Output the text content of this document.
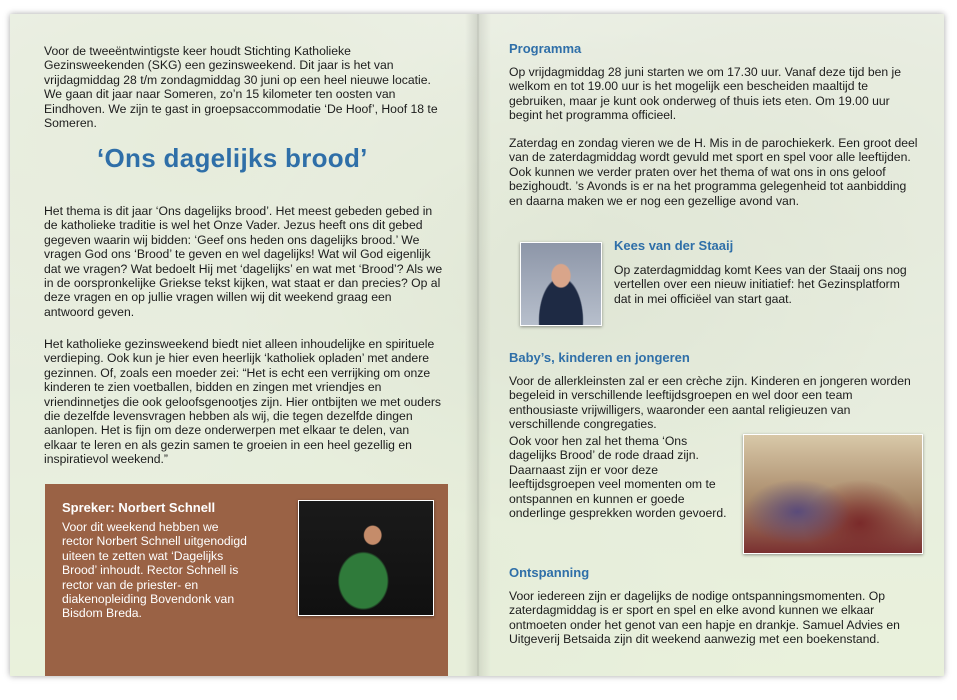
Voor de tweeëntwintigste keer houdt Stichting Katholieke Gezinsweekenden (SKG) een gezinsweekend. Dit jaar is het van vrijdagmiddag 28 t/m zondagmiddag 30 juni op een heel nieuwe locatie. We gaan dit jaar naar Someren, zo’n 15 kilometer ten oosten van Eindhoven. We zijn te gast in groepsaccommodatie ‘De Hoof’, Hoof 18 te Someren.

‘Ons dagelijks brood’

Het thema is dit jaar ‘Ons dagelijks brood’. Het meest gebeden gebed in de katholieke traditie is wel het Onze Vader. Jezus heeft ons dit gebed gegeven waarin wij bidden: ‘Geef ons heden ons dagelijks brood.’ We vragen God ons ‘Brood’ te geven en wel dagelijks! Wat wil God eigenlijk dat we vragen? Wat bedoelt Hij met ‘dagelijks’ en wat met ‘Brood’? Als we in de oorspronkelijke Griekse tekst kijken, wat staat er dan precies? Op al deze vragen en op jullie vragen willen wij dit weekend graag een antwoord geven.

Het katholieke gezinsweekend biedt niet alleen inhoudelijke en spirituele verdieping. Ook kun je hier even heerlijk ‘katholiek opladen’ met andere gezinnen. Of, zoals een moeder zei: “Het is echt een verrijking om onze kinderen te zien voetballen, bidden en zingen met vriendjes en vriendinnetjes die ook geloofsgenootjes zijn. Hier ontbijten we met ouders die dezelfde levensvragen hebben als wij, die tegen dezelfde dingen aanlopen. Het is fijn om deze onderwerpen met elkaar te delen, van elkaar te leren en als gezin samen te groeien in een heel gezellig en inspiratievol weekend.”

Spreker: Norbert Schnell

Voor dit weekend hebben we rector Norbert Schnell uitgenodigd uiteen te zetten wat ‘Dagelijks Brood’ inhoudt. Rector Schnell is rector van de priester- en diakenopleiding Bovendonk van Bisdom Breda.

Programma

Op vrijdagmiddag 28 juni starten we om 17.30 uur. Vanaf deze tijd ben je welkom en tot 19.00 uur is het mogelijk een bescheiden maaltijd te gebruiken, maar je kunt ook onderweg of thuis iets eten. Om 19.00 uur begint het programma officieel.

Zaterdag en zondag vieren we de H. Mis in de parochiekerk. Een groot deel van de zaterdagmiddag wordt gevuld met sport en spel voor alle leeftijden. Ook kunnen we verder praten over het thema of wat ons in ons geloof bezighoudt. ’s Avonds is er na het programma gelegenheid tot aanbidding en daarna maken we er nog een gezellige avond van.

Kees van der Staaij

Op zaterdagmiddag komt Kees van der Staaij ons nog vertellen over een nieuw initiatief: het Gezinsplatform dat in mei officiëel van start gaat.

Baby’s, kinderen en jongeren

Voor de allerkleinsten zal er een crèche zijn. Kinderen en jongeren worden begeleid in verschillende leeftijdsgroepen en wel door een team enthousiaste vrijwilligers, waaronder een aantal religieuzen van verschillende congregaties.

Ook voor hen zal het thema ‘Ons dagelijks Brood’ de rode draad zijn. Daarnaast zijn er voor deze leeftijdsgroepen veel momenten om te ontspannen en kunnen er goede onderlinge gesprekken worden gevoerd.

Ontspanning

Voor iedereen zijn er dagelijks de nodige ontspanningsmomenten. Op zaterdagmiddag is er sport en spel en elke avond kunnen we elkaar ontmoeten onder het genot van een hapje en drankje. Samuel Advies en Uitgeverij Betsaida zijn dit weekend aanwezig met een boekenstand.
